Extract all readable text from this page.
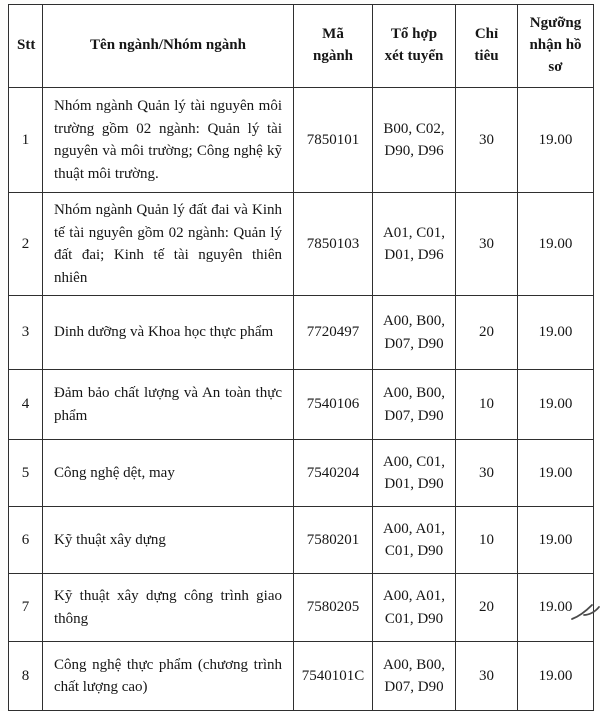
Stt	Tên ngành/Nhóm ngành	Mã ngành	Tổ hợp xét tuyển	Chỉ tiêu	Ngưỡng nhận hồ sơ
1	Nhóm ngành Quản lý tài nguyên môi trường gồm 02 ngành: Quản lý tài nguyên và môi trường; Công nghệ kỹ thuật môi trường.	7850101	B00, C02, D90, D96	30	19.00
2	Nhóm ngành Quản lý đất đai và Kinh tế tài nguyên gồm 02 ngành: Quản lý đất đai; Kinh tế tài nguyên thiên nhiên	7850103	A01, C01, D01, D96	30	19.00
3	Dinh dưỡng và Khoa học thực phẩm	7720497	A00, B00, D07, D90	20	19.00
4	Đảm bảo chất lượng và An toàn thực phẩm	7540106	A00, B00, D07, D90	10	19.00
5	Công nghệ dệt, may	7540204	A00, C01, D01, D90	30	19.00
6	Kỹ thuật xây dựng	7580201	A00, A01, C01, D90	10	19.00
7	Kỹ thuật xây dựng công trình giao thông	7580205	A00, A01, C01, D90	20	19.00
8	Công nghệ thực phẩm (chương trình chất lượng cao)	7540101C	A00, B00, D07, D90	30	19.00
